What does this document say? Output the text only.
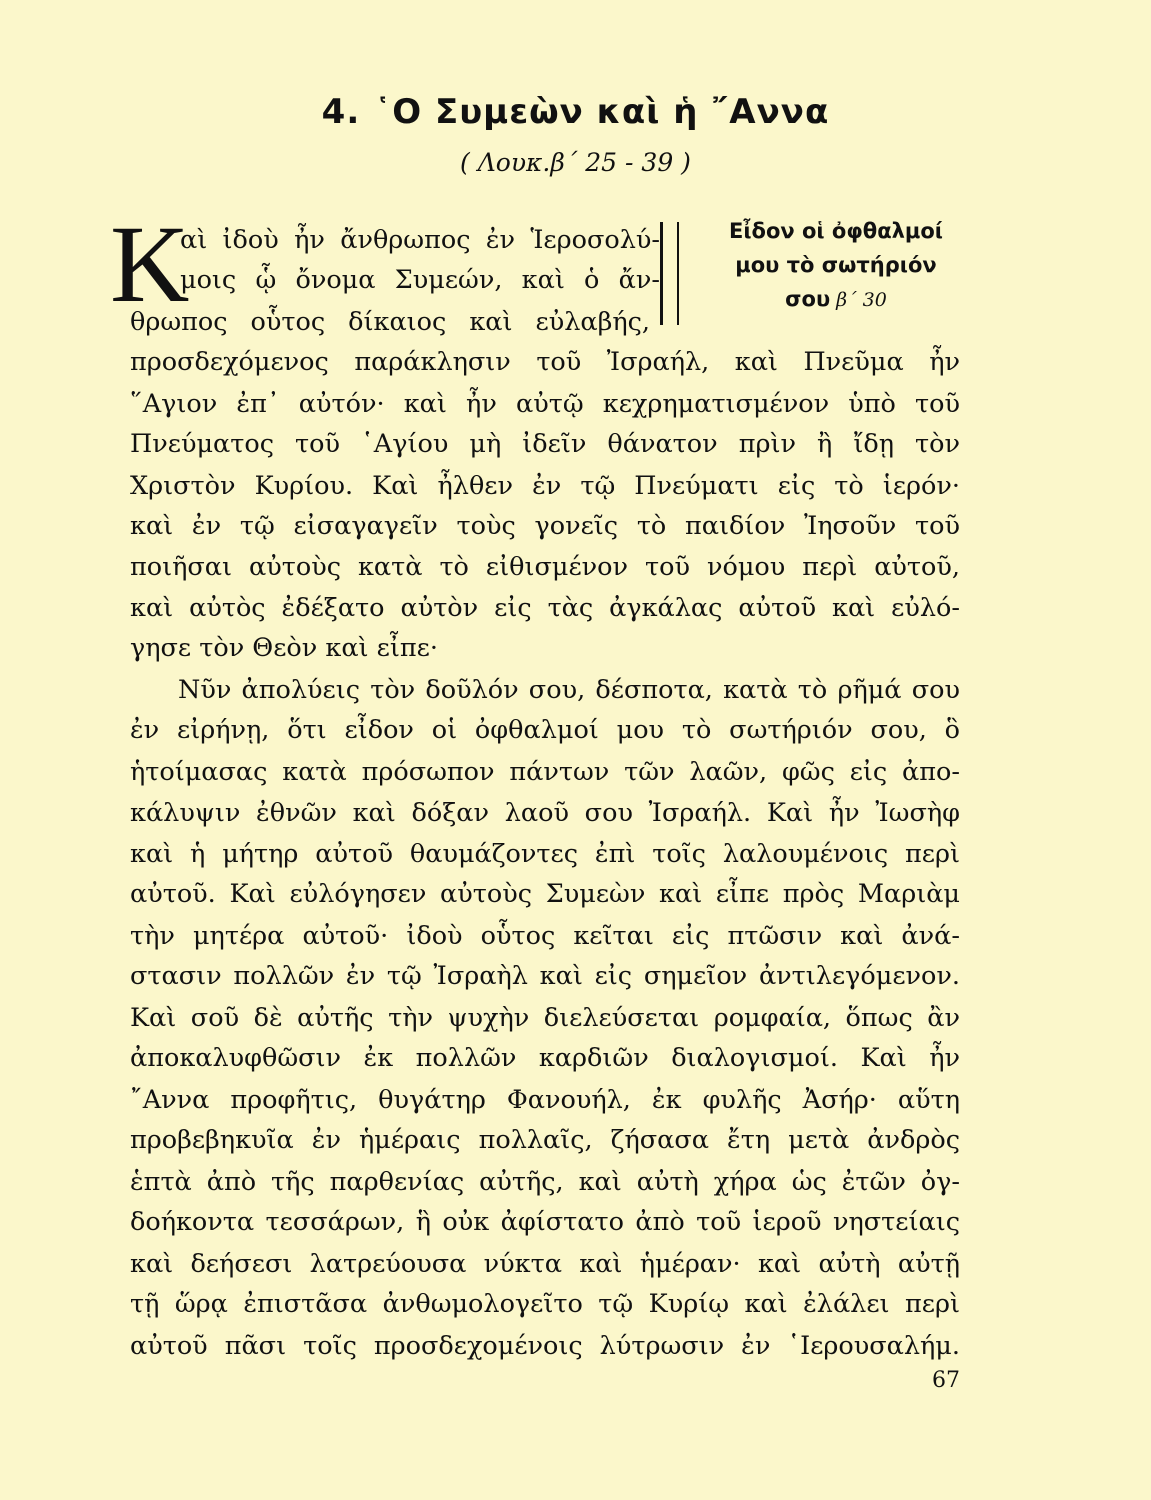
4. ῾Ο Συμεὼν καὶ ἡ ῎Αννα
( Λουκ.β΄ 25 - 39 )
Κ	Εἶδον οἱ ὀφθαλμοί
μου τὸ σωτήριόν
σου β΄ 30
αὶ ἰδοὺ ἦν ἄνθρωπος ἐν Ἱεροσολύ-
μοις ᾧ ὄνομα Συμεών, καὶ ὁ ἄν-
θρωπος οὗτος δίκαιος καὶ εὐλαβής,
προσδεχόμενος παράκλησιν τοῦ Ἰσραήλ, καὶ Πνεῦμα ἦν
῞Αγιον ἐπ᾿ αὐτόν· καὶ ἦν αὐτῷ κεχρηματισμένον ὑπὸ τοῦ
Πνεύματος τοῦ ῾Αγίου μὴ ἰδεῖν θάνατον πρὶν ἢ ἴδῃ τὸν
Χριστὸν Κυρίου. Καὶ ἦλθεν ἐν τῷ Πνεύματι εἰς τὸ ἱερόν·
καὶ ἐν τῷ εἰσαγαγεῖν τοὺς γονεῖς τὸ παιδίον Ἰησοῦν τοῦ
ποιῆσαι αὐτοὺς κατὰ τὸ εἰθισμένον τοῦ νόμου περὶ αὐτοῦ,
καὶ αὐτὸς ἐδέξατο αὐτὸν εἰς τὰς ἀγκάλας αὐτοῦ καὶ εὐλό-
γησε τὸν Θεὸν καὶ εἶπε·
Νῦν ἀπολύεις τὸν δοῦλόν σου, δέσποτα, κατὰ τὸ ρῆμά σου
ἐν εἰρήνῃ, ὅτι εἶδον οἱ ὀφθαλμοί μου τὸ σωτήριόν σου, ὃ
ἡτοίμασας κατὰ πρόσωπον πάντων τῶν λαῶν, φῶς εἰς ἀπο-
κάλυψιν ἐθνῶν καὶ δόξαν λαοῦ σου Ἰσραήλ. Καὶ ἦν Ἰωσὴφ
καὶ ἡ μήτηρ αὐτοῦ θαυμάζοντες ἐπὶ τοῖς λαλουμένοις περὶ
αὐτοῦ. Καὶ εὐλόγησεν αὐτοὺς Συμεὼν καὶ εἶπε πρὸς Μαριὰμ
τὴν μητέρα αὐτοῦ· ἰδοὺ οὗτος κεῖται εἰς πτῶσιν καὶ ἀνά-
στασιν πολλῶν ἐν τῷ Ἰσραὴλ καὶ εἰς σημεῖον ἀντιλεγόμενον.
Καὶ σοῦ δὲ αὐτῆς τὴν ψυχὴν διελεύσεται ρομφαία, ὅπως ἂν
ἀποκαλυφθῶσιν ἐκ πολλῶν καρδιῶν διαλογισμοί. Καὶ ἦν
῎Αννα προφῆτις, θυγάτηρ Φανουήλ, ἐκ φυλῆς Ἀσήρ· αὕτη
προβεβηκυῖα ἐν ἡμέραις πολλαῖς, ζήσασα ἔτη μετὰ ἀνδρὸς
ἑπτὰ ἀπὸ τῆς παρθενίας αὐτῆς, καὶ αὐτὴ χήρα ὡς ἐτῶν ὀγ-
δοήκοντα τεσσάρων, ἣ οὐκ ἀφίστατο ἀπὸ τοῦ ἱεροῦ νηστείαις
καὶ δεήσεσι λατρεύουσα νύκτα καὶ ἡμέραν· καὶ αὐτὴ αὐτῇ
τῇ ὥρᾳ ἐπιστᾶσα ἀνθωμολογεῖτο τῷ Κυρίῳ καὶ ἐλάλει περὶ
αὐτοῦ πᾶσι τοῖς προσδεχομένοις λύτρωσιν ἐν ῾Ιερουσαλήμ.
67
